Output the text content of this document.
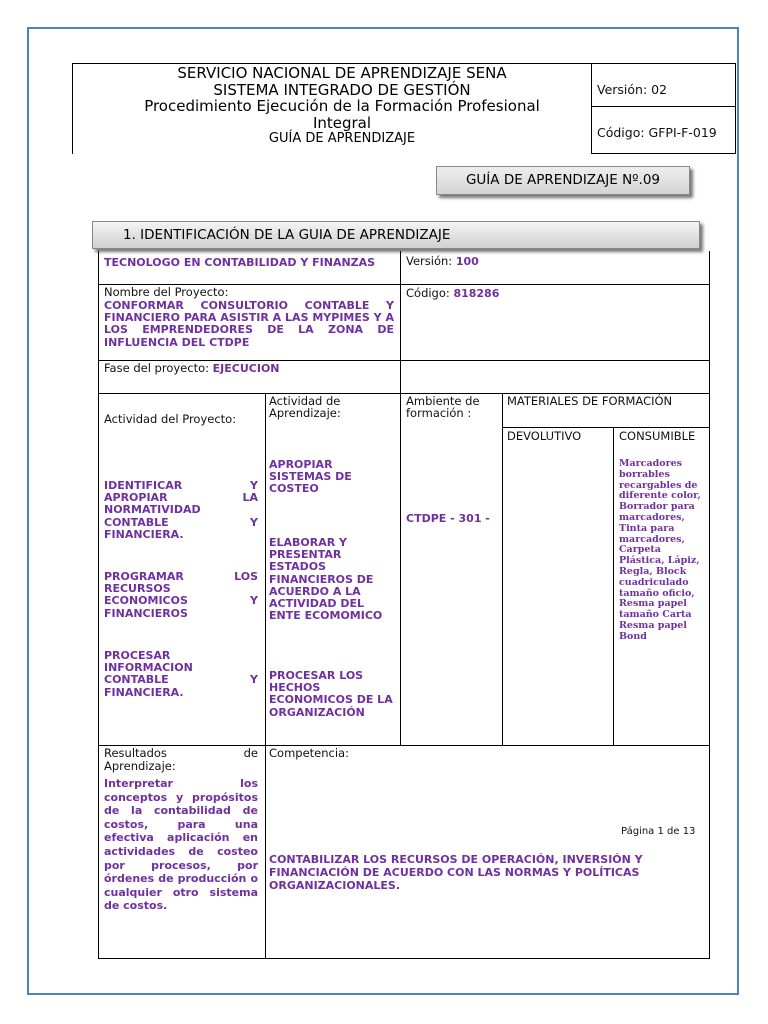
SERVICIO NACIONAL DE APRENDIZAJE SENA
SISTEMA INTEGRADO DE GESTIÓN
Procedimiento Ejecución de la Formación Profesional
Integral
GUÍA DE APRENDIZAJE
Versión: 02
Código: GFPI-F-019
GUÍA DE APRENDIZAJE Nº.09
1. IDENTIFICACIÓN DE LA GUIA DE APRENDIZAJE
TECNOLOGO EN CONTABILIDAD Y FINANZAS	Versión: 100
Nombre del Proyecto:
CONFORMAR CONSULTORIO CONTABLE Y FINANCIERO PARA ASISTIR A LAS MYPIMES Y A LOS EMPRENDEDORES DE LA ZONA DE INFLUENCIA DEL CTDPE
Código: 818286
Fase del proyecto: EJECUCION
Actividad del Proyecto:
IDENTIFICAR Y APROPIAR LA NORMATIVIDAD CONTABLE Y FINANCIERA.
PROGRAMAR LOS RECURSOS ECONOMICOS Y FINANCIEROS
PROCESAR INFORMACION CONTABLE Y FINANCIERA.
Actividad de Aprendizaje:
APROPIAR SISTEMAS DE COSTEO
ELABORAR Y PRESENTAR ESTADOS FINANCIEROS DE ACUERDO A LA ACTIVIDAD DEL ENTE ECOMOMICO
PROCESAR LOS HECHOS ECONOMICOS DE LA ORGANIZACIÓN
Ambiente de formación :
CTDPE - 301 -
MATERIALES DE FORMACIÓN
DEVOLUTIVO	CONSUMIBLE
Marcadores borrables recargables de diferente color, Borrador para marcadores, Tinta para marcadores, Carpeta Plástica, Lápiz, Regla, Block cuadriculado tamaño oficio, Resma papel tamaño Carta Resma papel Bond
Resultados de Aprendizaje:
Interpretar los conceptos y propósitos de la contabilidad de costos, para una efectiva aplicación en actividades de costeo por procesos, por órdenes de producción o cualquier otro sistema de costos.
Competencia:
CONTABILIZAR LOS RECURSOS DE OPERACIÓN, INVERSIÓN Y FINANCIACIÓN DE ACUERDO CON LAS NORMAS Y POLÍTICAS ORGANIZACIONALES.
Página 1 de 13
